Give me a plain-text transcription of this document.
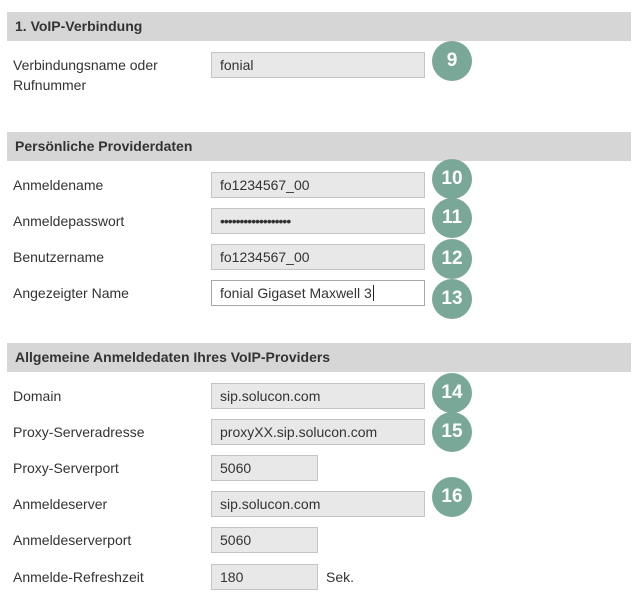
1. VoIP-Verbindung
Verbindungsname oder
Rufnummer
fonial	9
Persönliche Providerdaten
Anmeldename	fo1234567_00	10
Anmeldepasswort	••••••••••••••••••	11
Benutzername	fo1234567_00	12
Angezeigter Name	fonial Gigaset Maxwell 3	13
Allgemeine Anmeldedaten Ihres VoIP-Providers
Domain	sip.solucon.com	14
Proxy-Serveradresse	proxyXX.sip.solucon.com	15
Proxy-Serverport	5060
Anmeldeserver	sip.solucon.com	16
Anmeldeserverport	5060
Anmelde-Refreshzeit	180	Sek.
